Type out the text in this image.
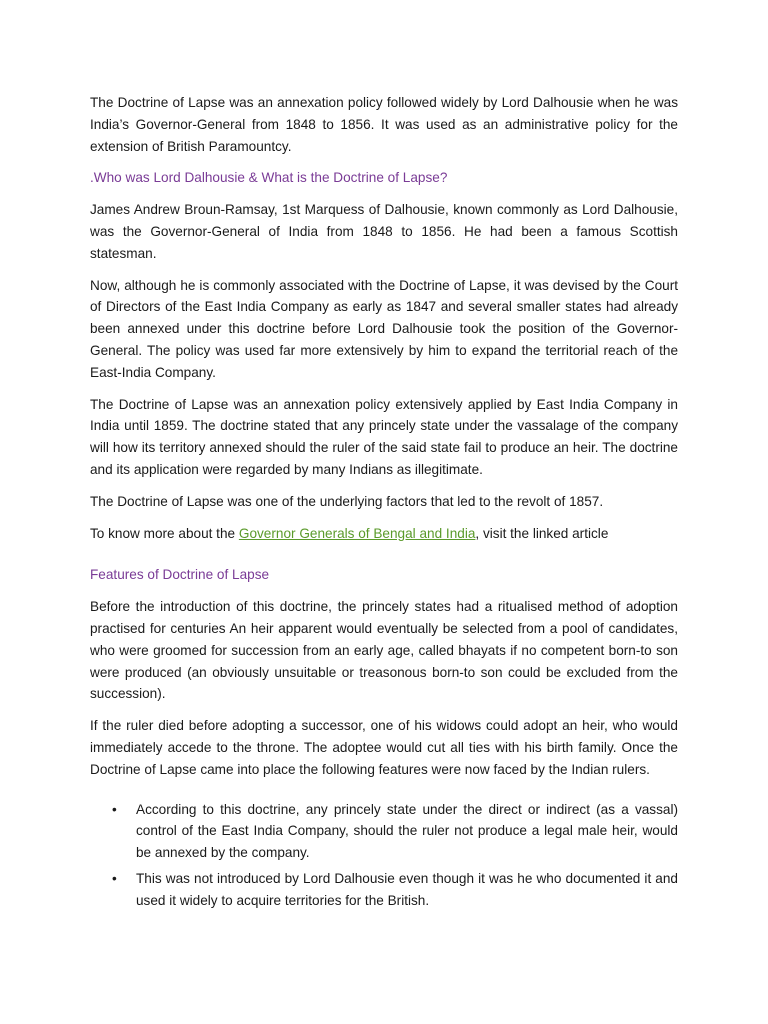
The Doctrine of Lapse was an annexation policy followed widely by Lord Dalhousie when he was India’s Governor-General from 1848 to 1856. It was used as an administrative policy for the extension of British Paramountcy.

.Who was Lord Dalhousie & What is the Doctrine of Lapse?

James Andrew Broun-Ramsay, 1st Marquess of Dalhousie, known commonly as Lord Dalhousie, was the Governor-General of India from 1848 to 1856. He had been a famous Scottish statesman.

Now, although he is commonly associated with the Doctrine of Lapse, it was devised by the Court of Directors of the East India Company as early as 1847 and several smaller states had already been annexed under this doctrine before Lord Dalhousie took the position of the Governor-General. The policy was used far more extensively by him to expand the territorial reach of the East-India Company.

The Doctrine of Lapse was an annexation policy extensively applied by East India Company in India until 1859. The doctrine stated that any princely state under the vassalage of the company will how its territory annexed should the ruler of the said state fail to produce an heir. The doctrine and its application were regarded by many Indians as illegitimate.

The Doctrine of Lapse was one of the underlying factors that led to the revolt of 1857.

To know more about the Governor Generals of Bengal and India, visit the linked article

Features of Doctrine of Lapse

Before the introduction of this doctrine, the princely states had a ritualised method of adoption practised for centuries An heir apparent would eventually be selected from a pool of candidates, who were groomed for succession from an early age, called bhayats if no competent born-to son were produced (an obviously unsuitable or treasonous born-to son could be excluded from the succession).

If the ruler died before adopting a successor, one of his widows could adopt an heir, who would immediately accede to the throne. The adoptee would cut all ties with his birth family. Once the Doctrine of Lapse came into place the following features were now faced by the Indian rulers.

• According to this doctrine, any princely state under the direct or indirect (as a vassal) control of the East India Company, should the ruler not produce a legal male heir, would be annexed by the company.
• This was not introduced by Lord Dalhousie even though it was he who documented it and used it widely to acquire territories for the British.
